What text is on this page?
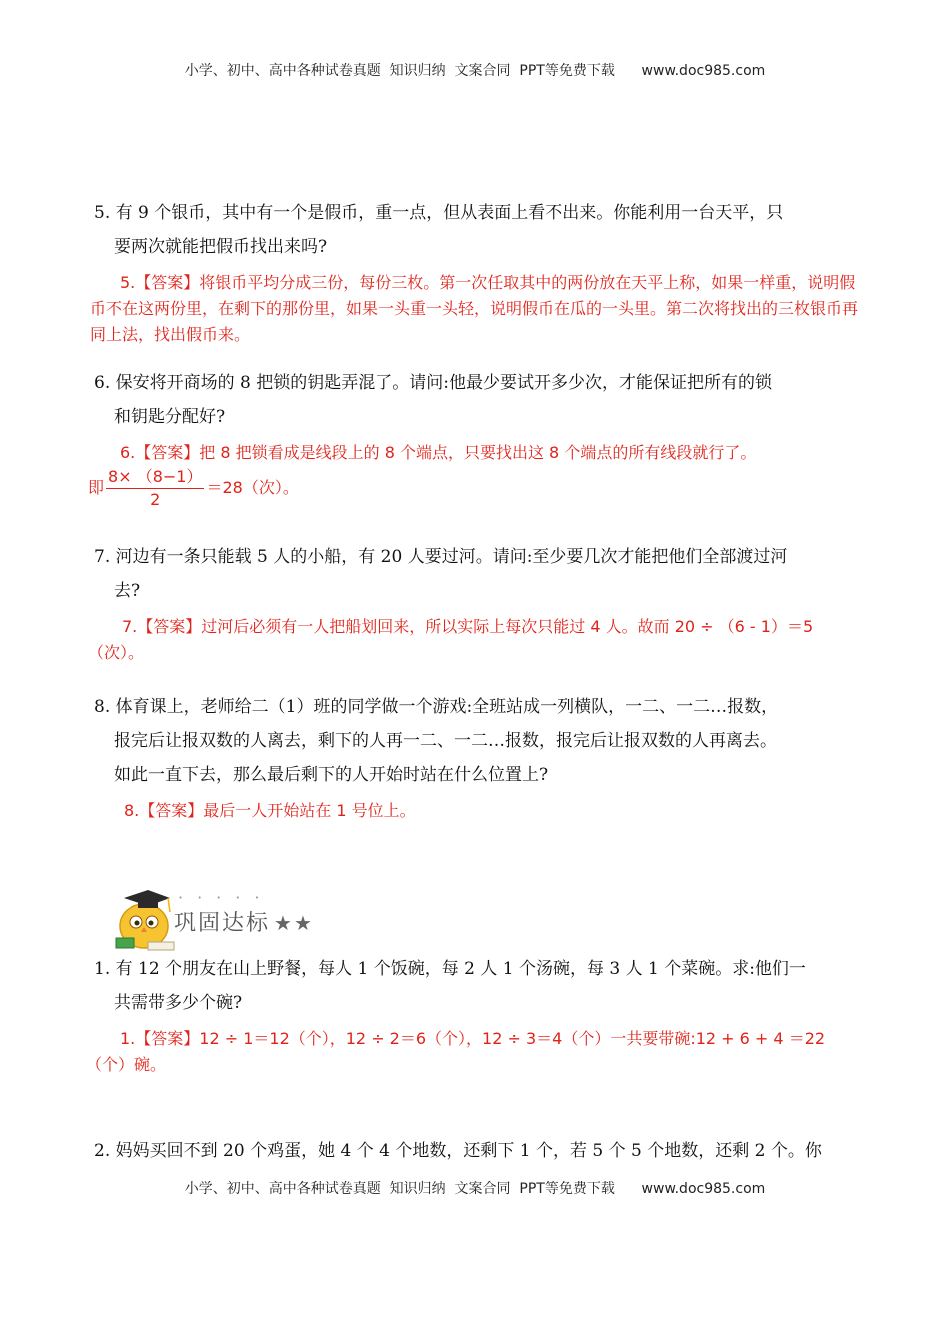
小学、初中、高中各种试卷真题  知识归纳  文案合同  PPT等免费下载      www.doc985.com
5. 有 9 个银币，其中有一个是假币，重一点，但从表面上看不出来。你能利用一台天平，只
要两次就能把假币找出来吗?
5.【答案】将银币平均分成三份，每份三枚。第一次任取其中的两份放在天平上称，如果一样重，说明假币不在这两份里，在剩下的那份里，如果一头重一头轻，说明假币在瓜的一头里。第二次将找出的三枚银币再同上法，找出假币来。
6. 保安将开商场的 8 把锁的钥匙弄混了。请问:他最少要试开多少次，才能保证把所有的锁
和钥匙分配好?
6.【答案】把 8 把锁看成是线段上的 8 个端点，只要找出这 8 个端点的所有线段就行了。
即 $\frac{8\times (8-1)}{2} =28$（次）。
7. 河边有一条只能载 5 人的小船，有 20 人要过河。请问:至少要几次才能把他们全部渡过河
去?
7.【答案】过河后必须有一人把船划回来，所以实际上每次只能过 4 人。故而 20 ÷ （6 - 1）＝5（次）。
8. 体育课上，老师给二（1）班的同学做一个游戏:全班站成一列横队，一二、一二…报数，
报完后让报双数的人离去，剩下的人再一二、一二…报数，报完后让报双数的人再离去。
如此一直下去，那么最后剩下的人开始时站在什么位置上?
8.【答案】最后一人开始站在 1 号位上。
·····
巩固达标 ★★
1. 有 12 个朋友在山上野餐，每人 1 个饭碗，每 2 人 1 个汤碗，每 3 人 1 个菜碗。求:他们一
共需带多少个碗?
1.【答案】12 ÷ 1＝12（个），12 ÷ 2＝6（个），12 ÷ 3＝4（个）一共要带碗:12 + 6 + 4 ＝22（个）碗。
2. 妈妈买回不到 20 个鸡蛋，她 4 个 4 个地数，还剩下 1 个，若 5 个 5 个地数，还剩 2 个。你
小学、初中、高中各种试卷真题  知识归纳  文案合同  PPT等免费下载      www.doc985.com
